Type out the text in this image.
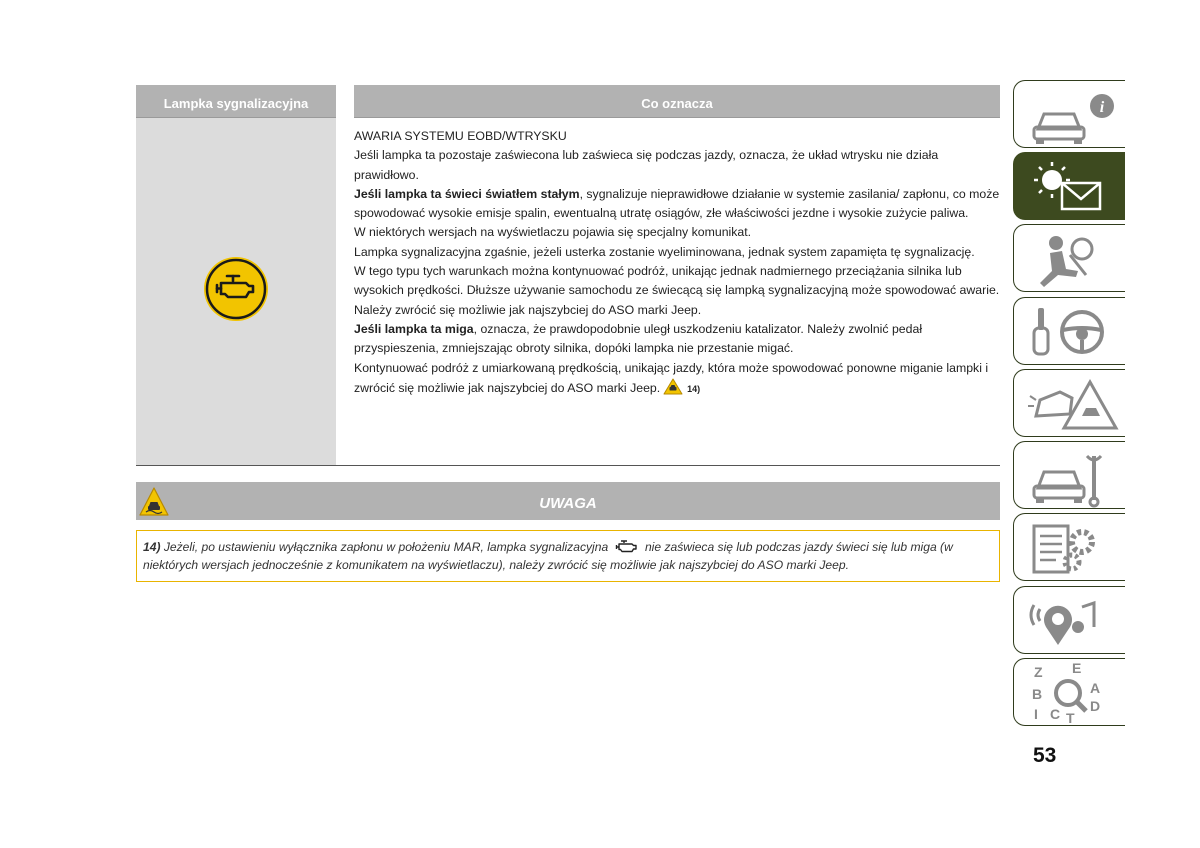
Lampka sygnalizacyjna	Co oznacza

AWARIA SYSTEMU EOBD/WTRYSKU

Jeśli lampka ta pozostaje zaświecona lub zaświeca się podczas jazdy, oznacza, że układ wtrysku nie działa prawidłowo.

Jeśli lampka ta świeci światłem stałym, sygnalizuje nieprawidłowe działanie w systemie zasilania/ zapłonu, co może spowodować wysokie emisje spalin, ewentualną utratę osiągów, złe właściwości jezdne i wysokie zużycie paliwa.

W niektórych wersjach na wyświetlaczu pojawia się specjalny komunikat.

Lampka sygnalizacyjna zgaśnie, jeżeli usterka zostanie wyeliminowana, jednak system zapamięta tę sygnalizację.

W tego typu tych warunkach można kontynuować podróż, unikając jednak nadmiernego przeciążania silnika lub wysokich prędkości. Dłuższe używanie samochodu ze świecącą się lampką sygnalizacyjną może spowodować awarie.

Należy zwrócić się możliwie jak najszybciej do ASO marki Jeep.

Jeśli lampka ta miga, oznacza, że prawdopodobnie uległ uszkodzeniu katalizator. Należy zwolnić pedał przyspieszenia, zmniejszając obroty silnika, dopóki lampka nie przestanie migać.

Kontynuować podróż z umiarkowaną prędkością, unikając jazdy, która może spowodować ponowne miganie lampki i zwrócić się możliwie jak najszybciej do ASO marki Jeep.	14)

UWAGA
14) Jeżeli, po ustawieniu wyłącznika zapłonu w położeniu MAR, lampka sygnalizacyjna	nie zaświeca się lub podczas jazdy świeci się lub miga (w niektórych wersjach jednocześnie z komunikatem na wyświetlaczu), należy zwrócić się możliwie jak najszybciej do ASO marki Jeep.
i
Z E
B	A
I C T
D
53
